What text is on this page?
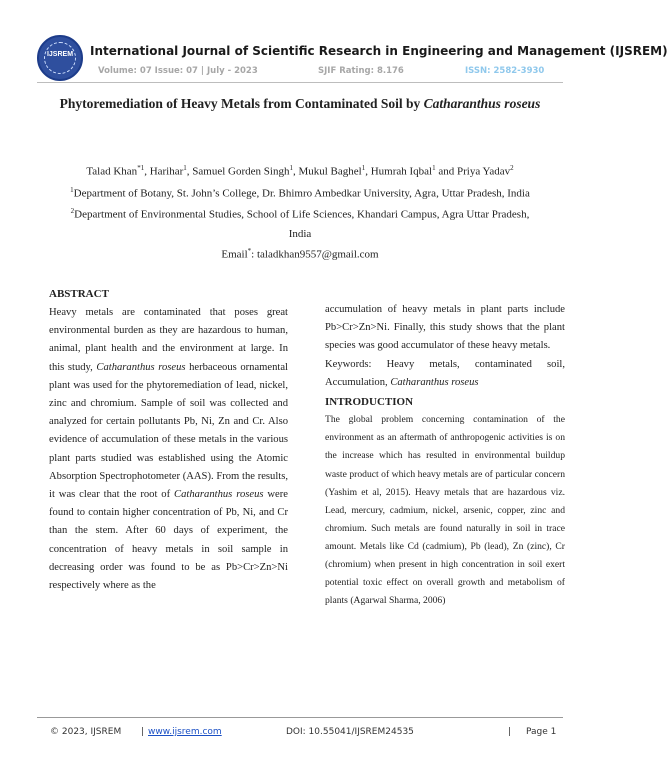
IJSREM	International Journal of Scientific Research in Engineering and Management (IJSREM)
Volume: 07 Issue: 07 | July - 2023	SJIF Rating: 8.176	ISSN: 2582-3930
Phytoremediation of Heavy Metals from Contaminated Soil by Catharanthus roseus
Talad Khan$^{*1}$, Harihar$^1$, Samuel Gorden Singh$^1$, Mukul Baghel$^1$, Humrah Iqbal$^1$ and Priya Yadav$^2$
$^1$Department of Botany, St. John’s College, Dr. Bhimro Ambedkar University, Agra, Uttar Pradesh, India
$^2$Department of Environmental Studies, School of Life Sciences, Khandari Campus, Agra Uttar Pradesh,
India
Email*: taladkhan9557@gmail.com
ABSTRACT

Heavy metals are contaminated that poses great environmental burden as they are hazardous to human, animal, plant health and the environment at large. In this study, Catharanthus roseus herbaceous ornamental plant was used for the phytoremediation of lead, nickel, zinc and chromium. Sample of soil was collected and analyzed for certain pollutants Pb, Ni, Zn and Cr. Also evidence of accumulation of these metals in the various plant parts studied was established using the Atomic Absorption Spectrophotometer (AAS). From the results, it was clear that the root of Catharanthus roseus were found to contain higher concentration of Pb, Ni, and Cr than the stem. After 60 days of experiment, the concentration of heavy metals in soil sample in decreasing order was found to be as Pb>Cr>Zn>Ni respectively where as the

accumulation of heavy metals in plant parts include Pb>Cr>Zn>Ni. Finally, this study shows that the plant species was good accumulator of these heavy metals.

Keywords: Heavy metals, contaminated soil, Accumulation, Catharanthus roseus

INTRODUCTION

The global problem concerning contamination of the environment as an aftermath of anthropogenic activities is on the increase which has resulted in environmental buildup waste product of which heavy metals are of particular concern (Yashim et al, 2015). Heavy metals that are hazardous viz. Lead, mercury, cadmium, nickel, arsenic, copper, zinc and chromium. Such metals are found naturally in soil in trace amount. Metals like Cd (cadmium), Pb (lead), Zn (zinc), Cr (chromium) when present in high concentration in soil exert potential toxic effect on overall growth and metabolism of plants (Agarwal Sharma, 2006)

© 2023, IJSREM | www.ijsrem.com	DOI: 10.55041/IJSREM24535	| Page 1
